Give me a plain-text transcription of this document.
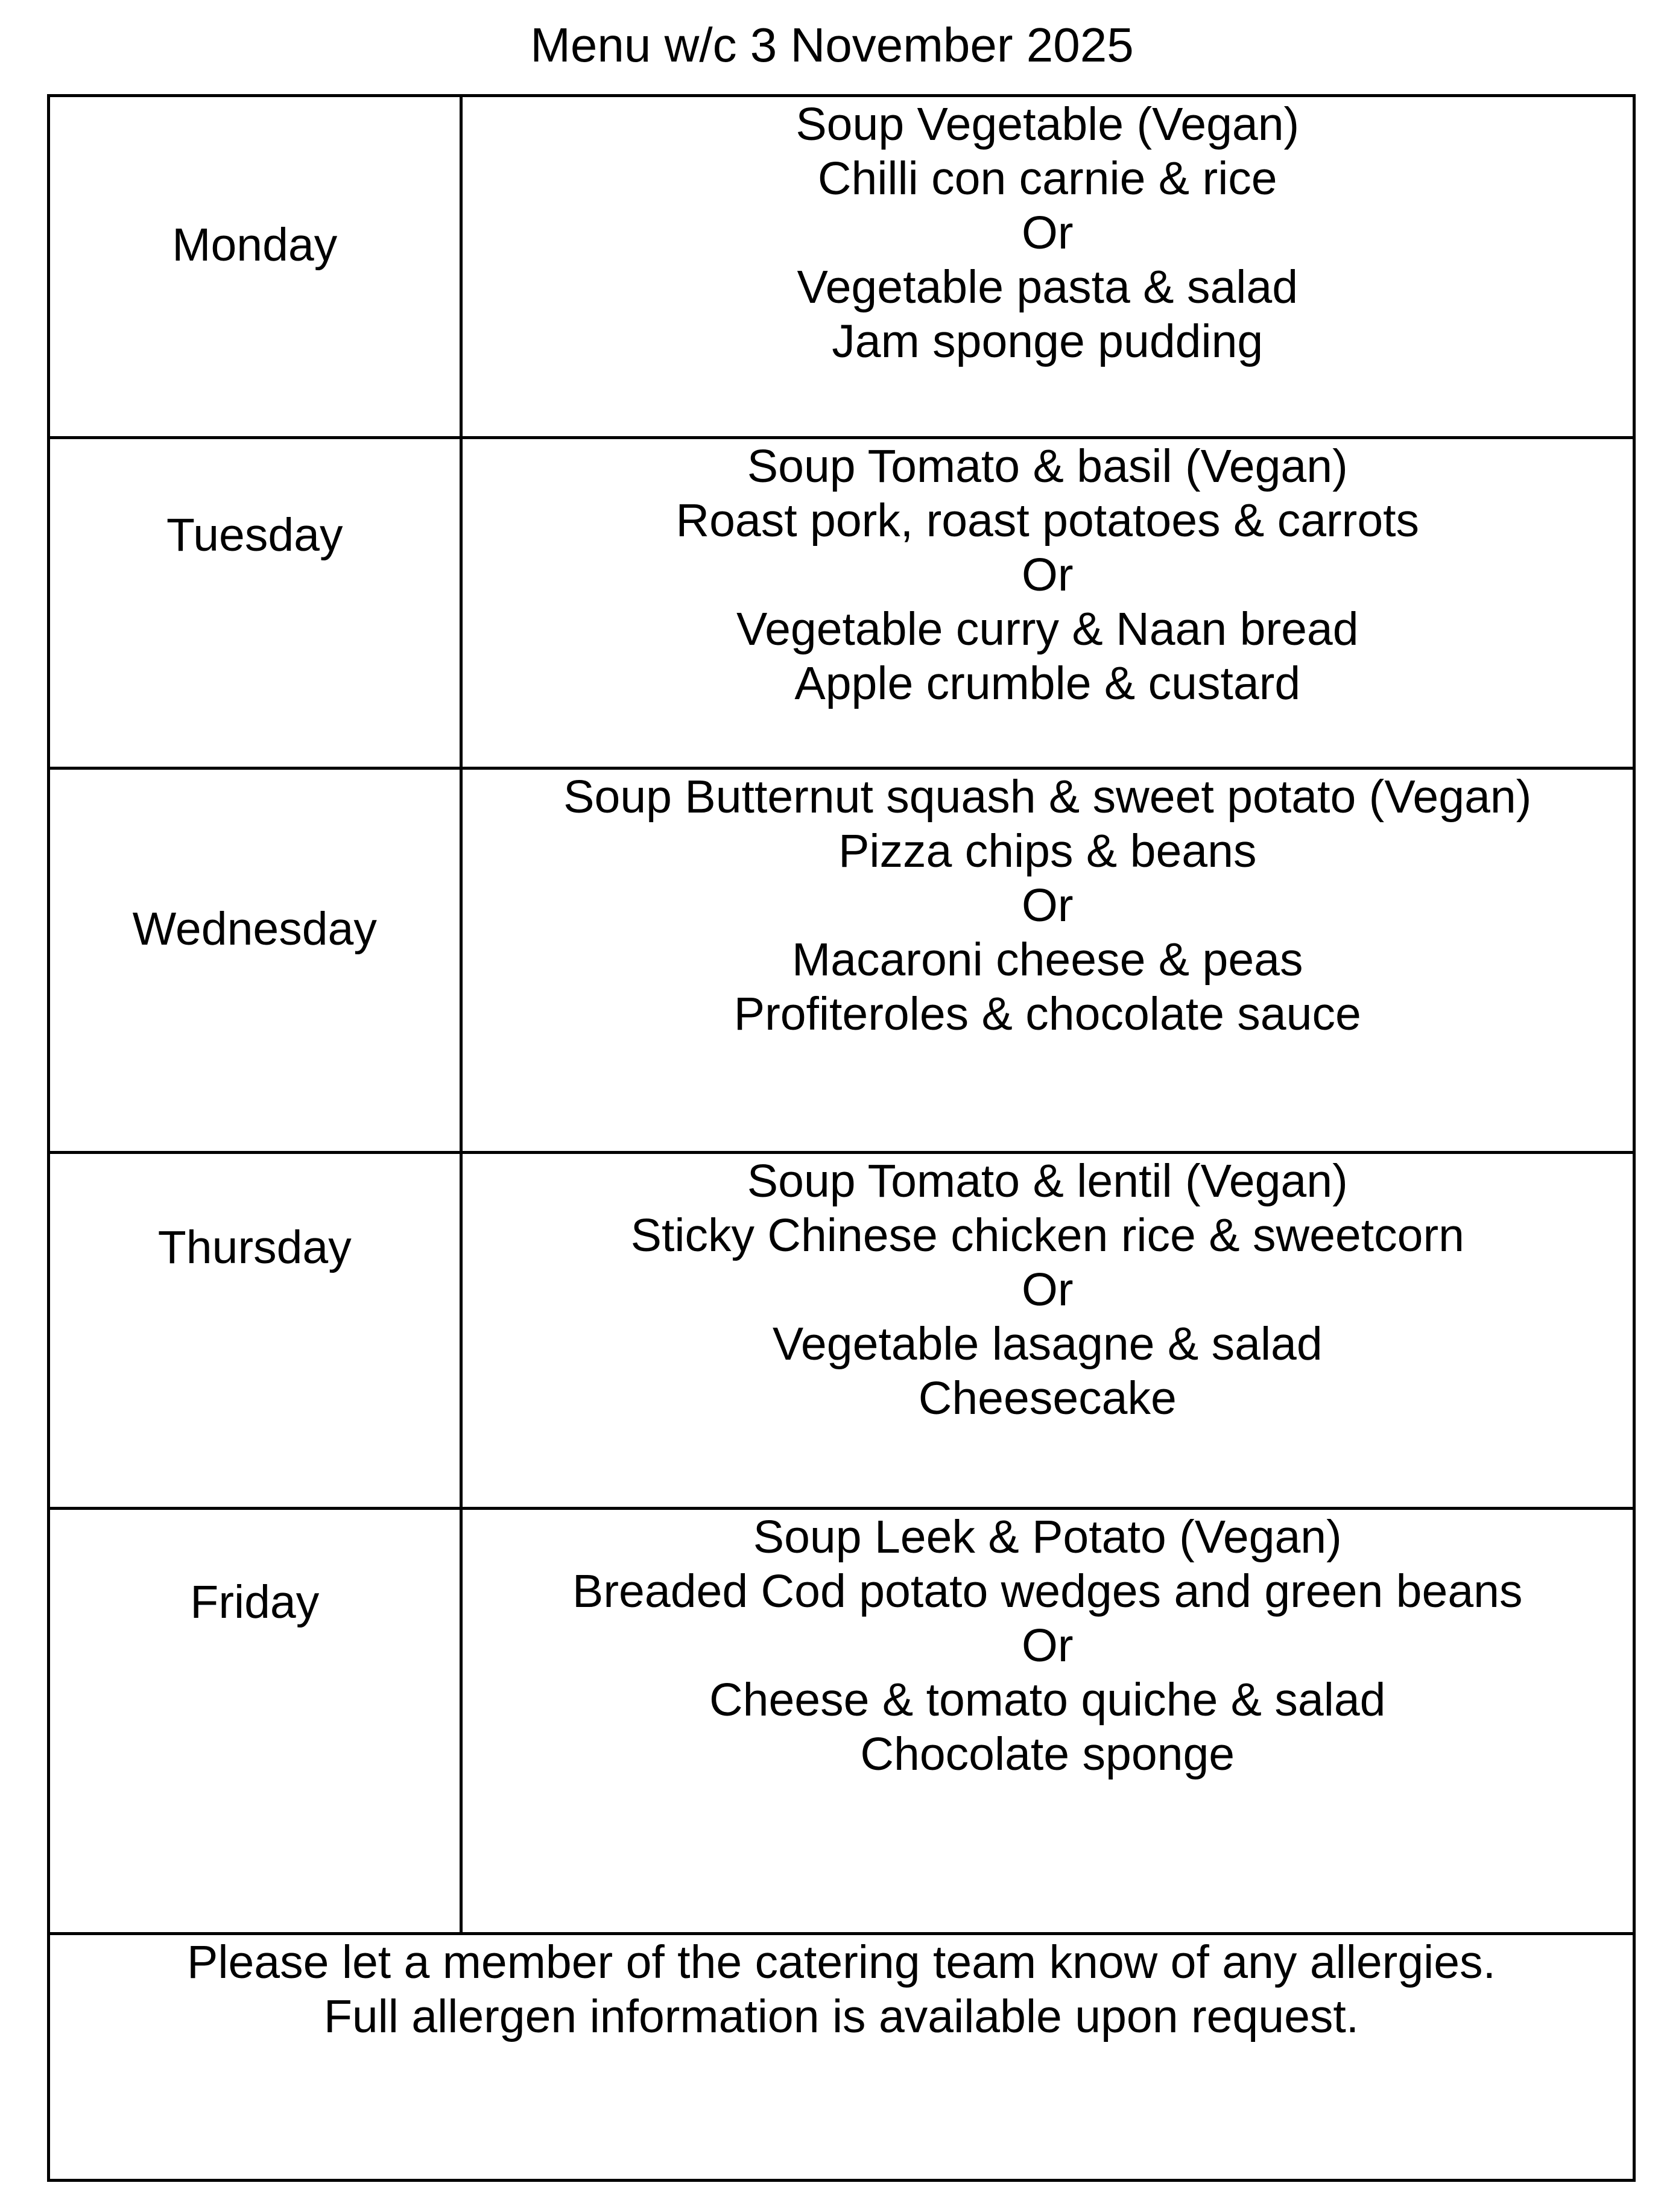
Menu w/c 3 November 2025
Monday	Soup Vegetable (Vegan)
Chilli con carnie & rice
Or
Vegetable pasta & salad
Jam sponge pudding

Tuesday	Soup Tomato & basil (Vegan)
Roast pork, roast potatoes & carrots
Or
Vegetable curry & Naan bread
Apple crumble & custard

Wednesday	Soup Butternut squash & sweet potato (Vegan)
Pizza chips & beans
Or
Macaroni cheese & peas
Profiteroles & chocolate sauce

Thursday	Soup Tomato & lentil (Vegan)
Sticky Chinese chicken rice & sweetcorn
Or
Vegetable lasagne & salad
Cheesecake

Friday	Soup Leek & Potato (Vegan)
Breaded Cod potato wedges and green beans
Or
Cheese & tomato quiche & salad
Chocolate sponge

Please let a member of the catering team know of any allergies.
Full allergen information is available upon request.	
